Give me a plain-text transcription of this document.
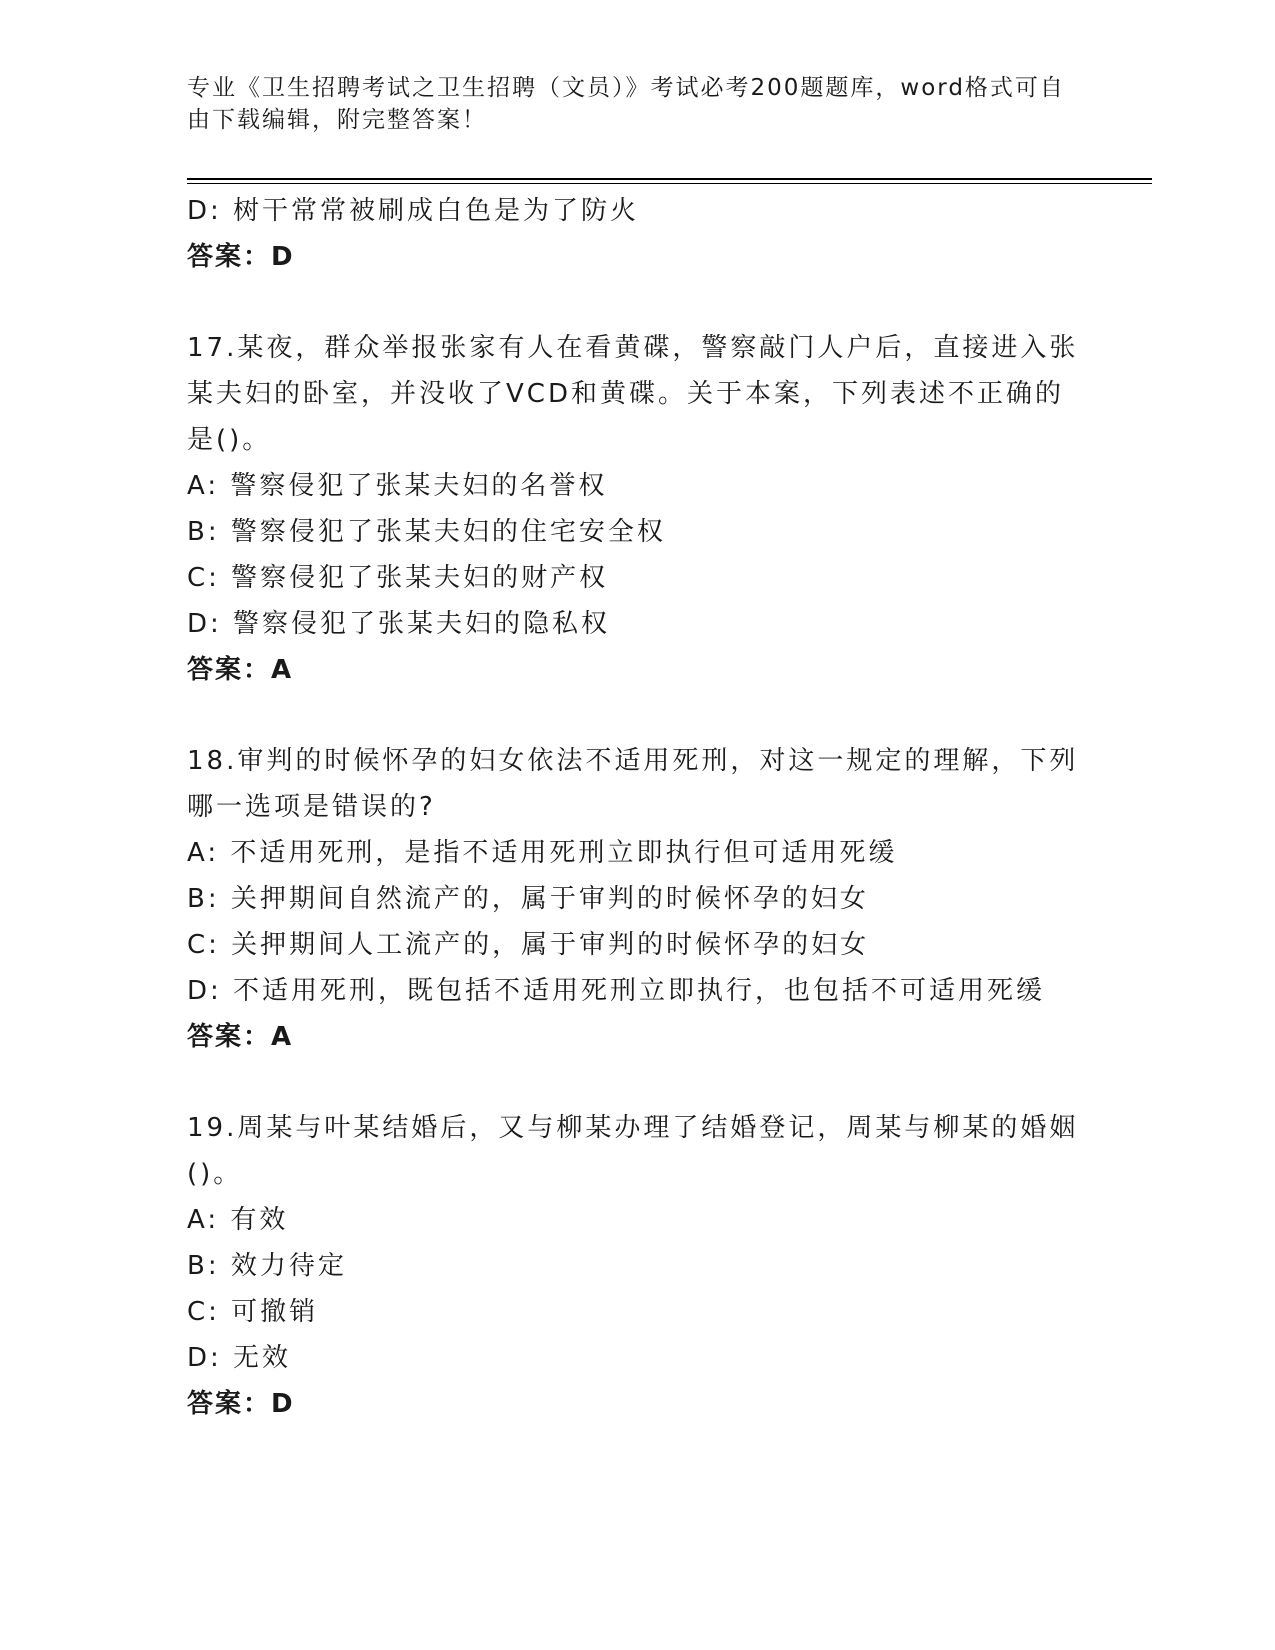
专业《卫生招聘考试之卫生招聘（文员）》考试必考200题题库，word格式可自
由下载编辑，附完整答案！
D: 树干常常被刷成白色是为了防火
答案：D
17.某夜，群众举报张家有人在看黄碟，警察敲门人户后，直接进入张
某夫妇的卧室，并没收了VCD和黄碟。关于本案，下列表述不正确的
是()。
A: 警察侵犯了张某夫妇的名誉权
B: 警察侵犯了张某夫妇的住宅安全权
C: 警察侵犯了张某夫妇的财产权
D: 警察侵犯了张某夫妇的隐私权
答案：A
18.审判的时候怀孕的妇女依法不适用死刑，对这一规定的理解，下列
哪一选项是错误的?
A: 不适用死刑，是指不适用死刑立即执行但可适用死缓
B: 关押期间自然流产的，属于审判的时候怀孕的妇女
C: 关押期间人工流产的，属于审判的时候怀孕的妇女
D: 不适用死刑，既包括不适用死刑立即执行，也包括不可适用死缓
答案：A
19.周某与叶某结婚后，又与柳某办理了结婚登记，周某与柳某的婚姻
()。
A: 有效
B: 效力待定
C: 可撤销
D: 无效
答案：D
